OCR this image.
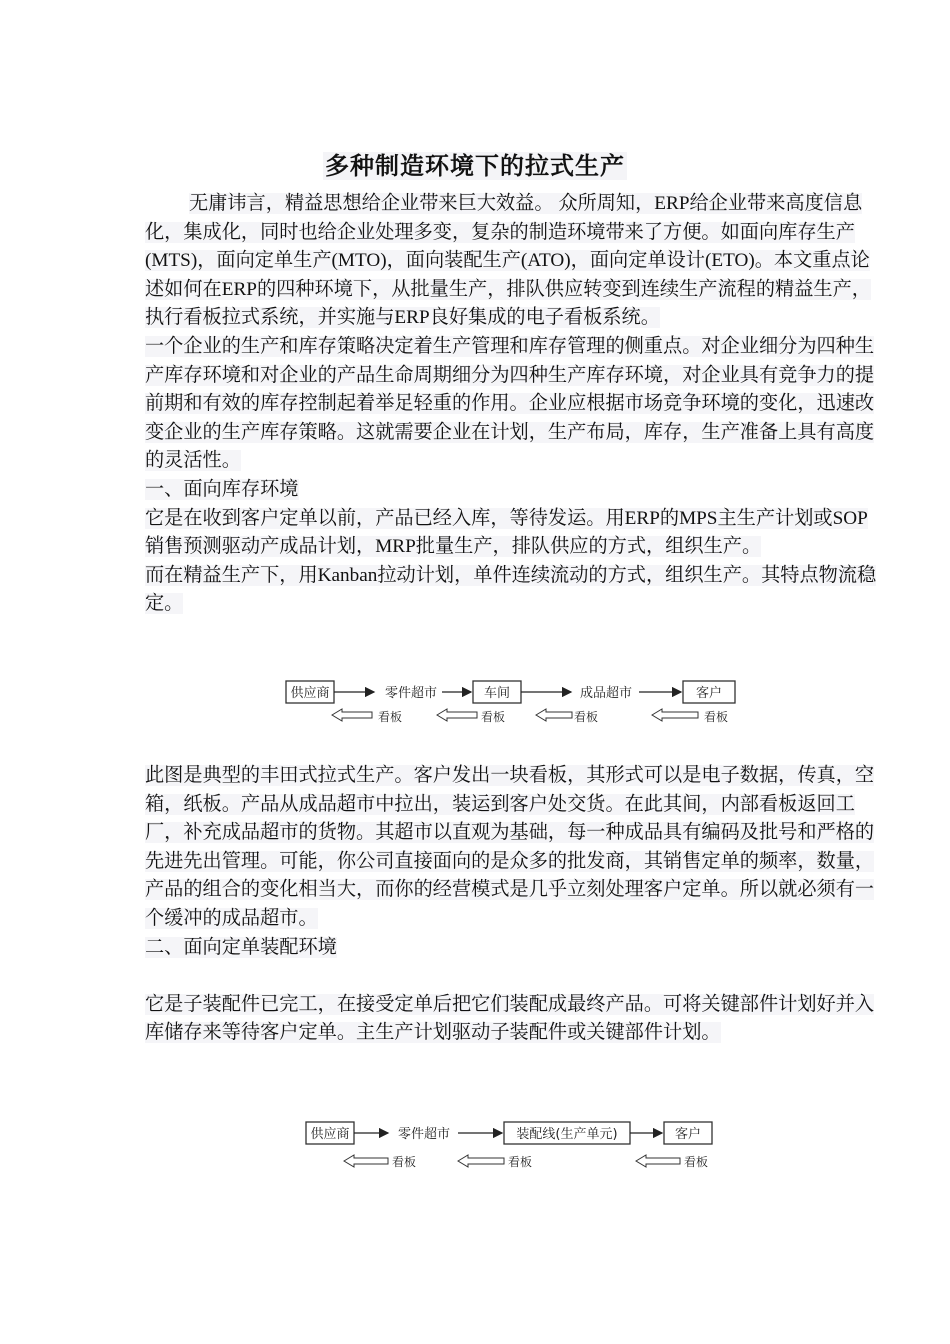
多种制造环境下的拉式生产

无庸讳言，精益思想给企业带来巨大效益。 众所周知，ERP给企业带来高度信息化，集成化，同时也给企业处理多变，复杂的制造环境带来了方便。如面向库存生产(MTS)，面向定单生产(MTO)，面向装配生产(ATO)，面向定单设计(ETO)。本文重点论述如何在ERP的四种环境下，从批量生产，排队供应转变到连续生产流程的精益生产，执行看板拉式系统，并实施与ERP良好集成的电子看板系统。

一个企业的生产和库存策略决定着生产管理和库存管理的侧重点。对企业细分为四种生产库存环境和对企业的产品生命周期细分为四种生产库存环境，对企业具有竞争力的提前期和有效的库存控制起着举足轻重的作用。企业应根据市场竞争环境的变化，迅速改变企业的生产库存策略。这就需要企业在计划，生产布局，库存，生产准备上具有高度的灵活性。

一、面向库存环境

它是在收到客户定单以前，产品已经入库，等待发运。用ERP的MPS主生产计划或SOP销售预测驱动产成品计划，MRP批量生产，排队供应的方式，组织生产。

而在精益生产下，用Kanban拉动计划，单件连续流动的方式，组织生产。其特点物流稳定。

供应商	零件超市	车间	成品超市	客户
看板	看板	看板	看板

此图是典型的丰田式拉式生产。客户发出一块看板，其形式可以是电子数据，传真，空箱，纸板。产品从成品超市中拉出，装运到客户处交货。在此其间，内部看板返回工厂，补充成品超市的货物。其超市以直观为基础，每一种成品具有编码及批号和严格的先进先出管理。可能，你公司直接面向的是众多的批发商，其销售定单的频率，数量，产品的组合的变化相当大，而你的经营模式是几乎立刻处理客户定单。所以就必须有一个缓冲的成品超市。

二、面向定单装配环境

它是子装配件已完工，在接受定单后把它们装配成最终产品。可将关键部件计划好并入库储存来等待客户定单。主生产计划驱动子装配件或关键部件计划。

供应商	零件超市	装配线(生产单元)	客户
看板	看板	看板
